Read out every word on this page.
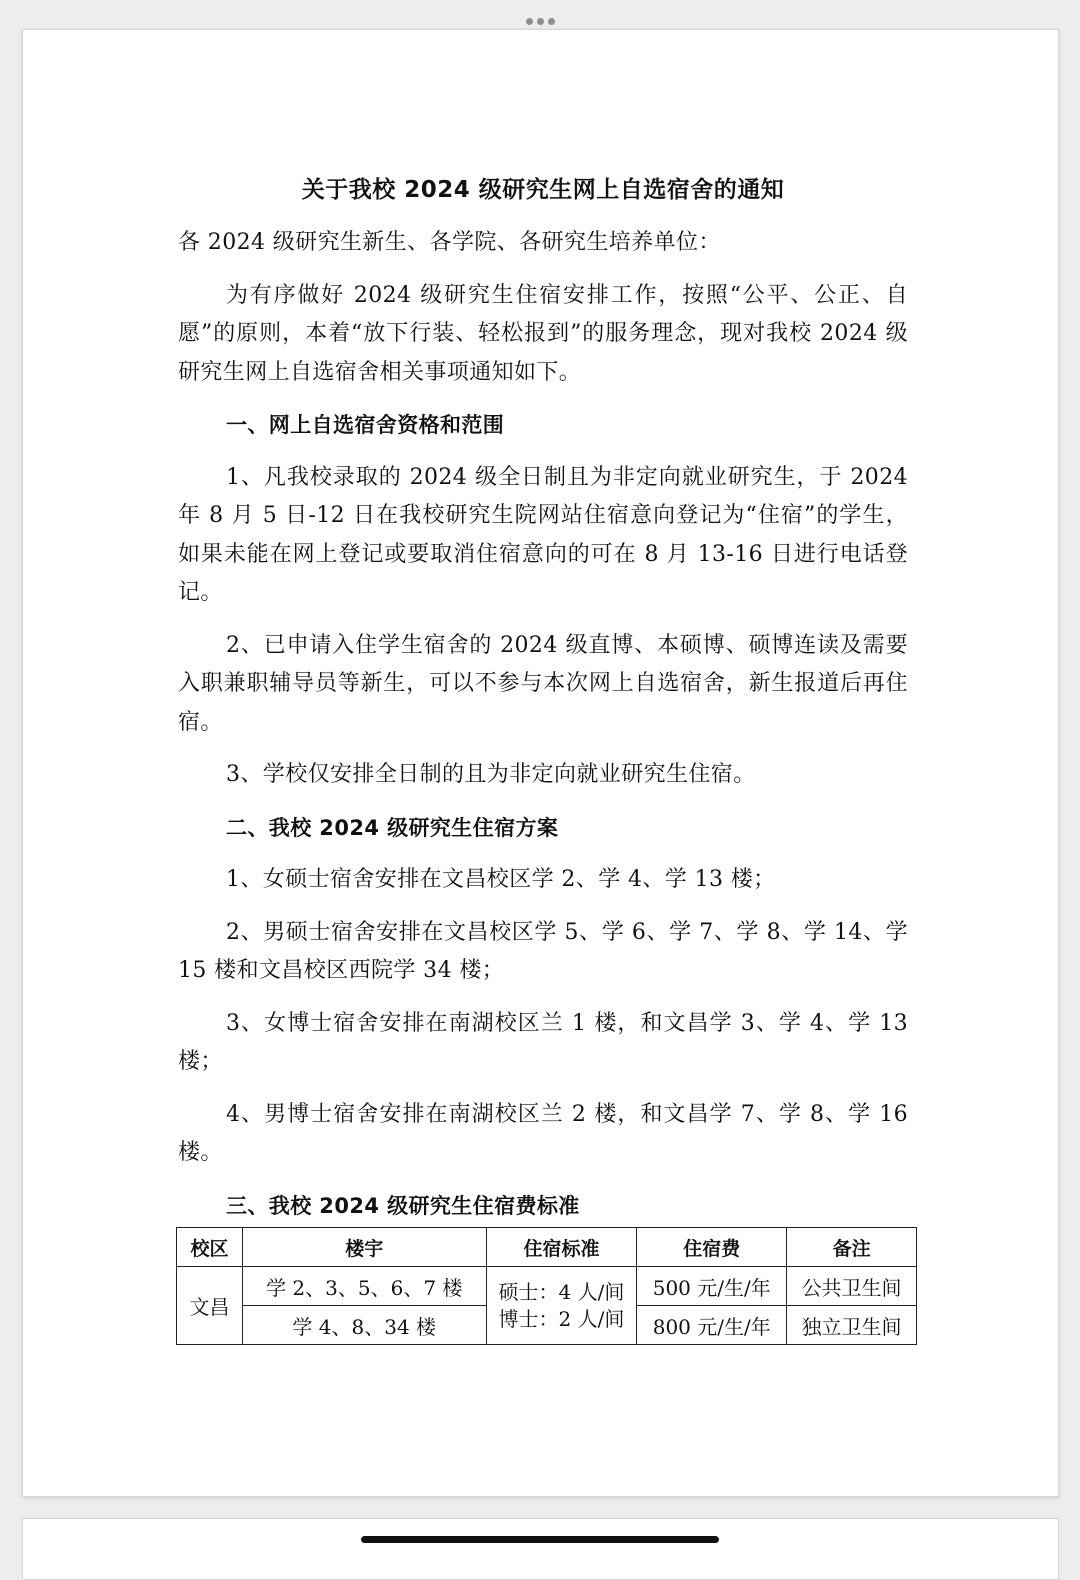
关于我校 2024 级研究生网上自选宿舍的通知

各 2024 级研究生新生、各学院、各研究生培养单位：

为有序做好 2024 级研究生住宿安排工作，按照“公平、公正、自愿”的原则，本着“放下行装、轻松报到”的服务理念，现对我校 2024 级研究生网上自选宿舍相关事项通知如下。

一、网上自选宿舍资格和范围

1、凡我校录取的 2024 级全日制且为非定向就业研究生，于 2024 年 8 月 5 日-12 日在我校研究生院网站住宿意向登记为“住宿”的学生，如果未能在网上登记或要取消住宿意向的可在 8 月 13-16 日进行电话登记。

2、已申请入住学生宿舍的 2024 级直博、本硕博、硕博连读及需要入职兼职辅导员等新生，可以不参与本次网上自选宿舍，新生报道后再住宿。

3、学校仅安排全日制的且为非定向就业研究生住宿。

二、我校 2024 级研究生住宿方案

1、女硕士宿舍安排在文昌校区学 2、学 4、学 13 楼；

2、男硕士宿舍安排在文昌校区学 5、学 6、学 7、学 8、学 14、学 15 楼和文昌校区西院学 34 楼；

3、女博士宿舍安排在南湖校区兰 1 楼，和文昌学 3、学 4、学 13 楼；

4、男博士宿舍安排在南湖校区兰 2 楼，和文昌学 7、学 8、学 16 楼。

三、我校 2024 级研究生住宿费标准

校区	楼宇	住宿标准	住宿费	备注
文昌	学 2、3、5、6、7 楼	硕士：4 人/间
博士：2 人/间	500 元/生/年	公共卫生间
	学 4、8、34 楼		800 元/生/年	独立卫生间
